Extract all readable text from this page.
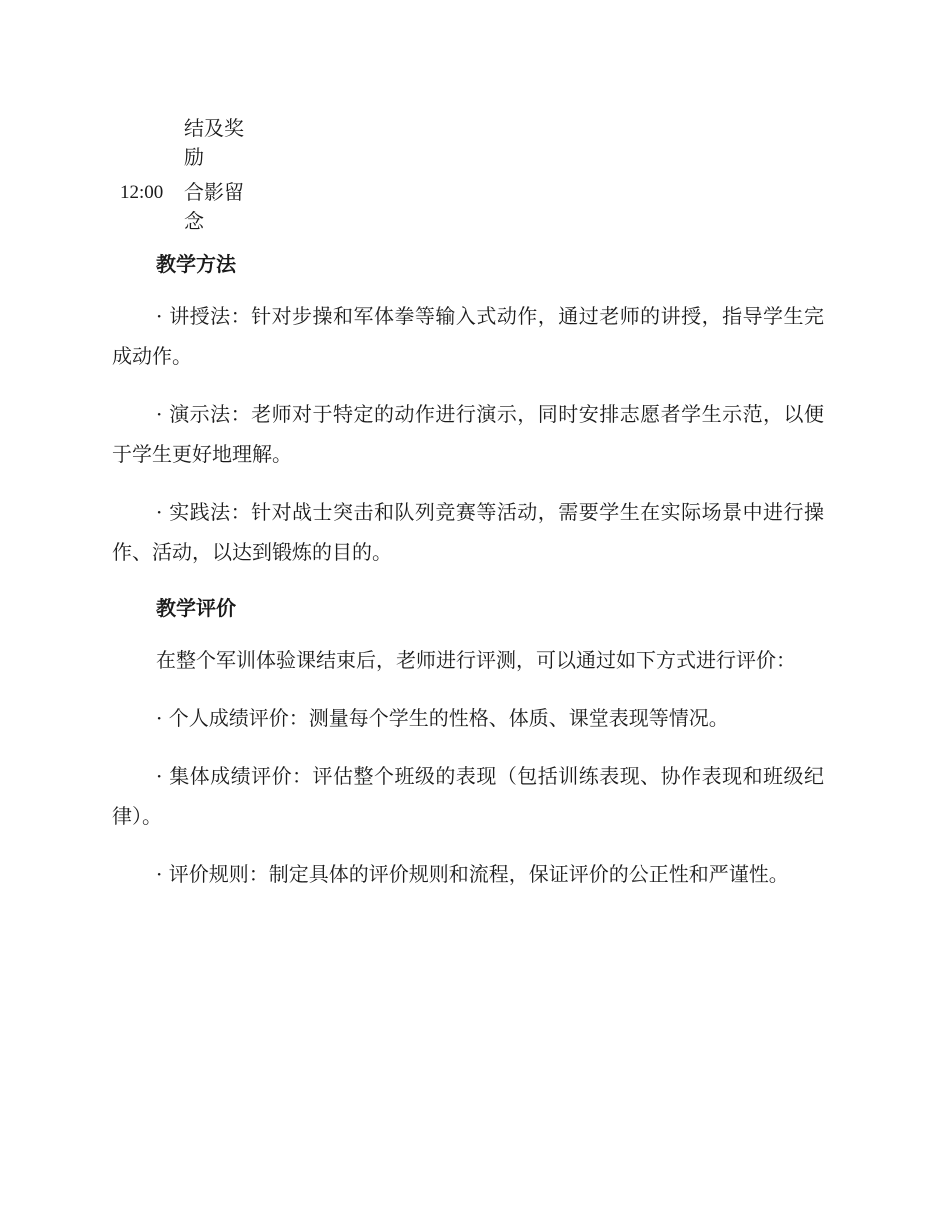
结及奖励
12:00	合影留念
教学方法

· 讲授法：针对步操和军体拳等输入式动作，通过老师的讲授，指导学生完成动作。

· 演示法：老师对于特定的动作进行演示，同时安排志愿者学生示范，以便于学生更好地理解。

· 实践法：针对战士突击和队列竞赛等活动，需要学生在实际场景中进行操作、活动，以达到锻炼的目的。

教学评价

在整个军训体验课结束后，老师进行评测，可以通过如下方式进行评价：

· 个人成绩评价：测量每个学生的性格、体质、课堂表现等情况。

· 集体成绩评价：评估整个班级的表现（包括训练表现、协作表现和班级纪律）。

· 评价规则：制定具体的评价规则和流程，保证评价的公正性和严谨性。
